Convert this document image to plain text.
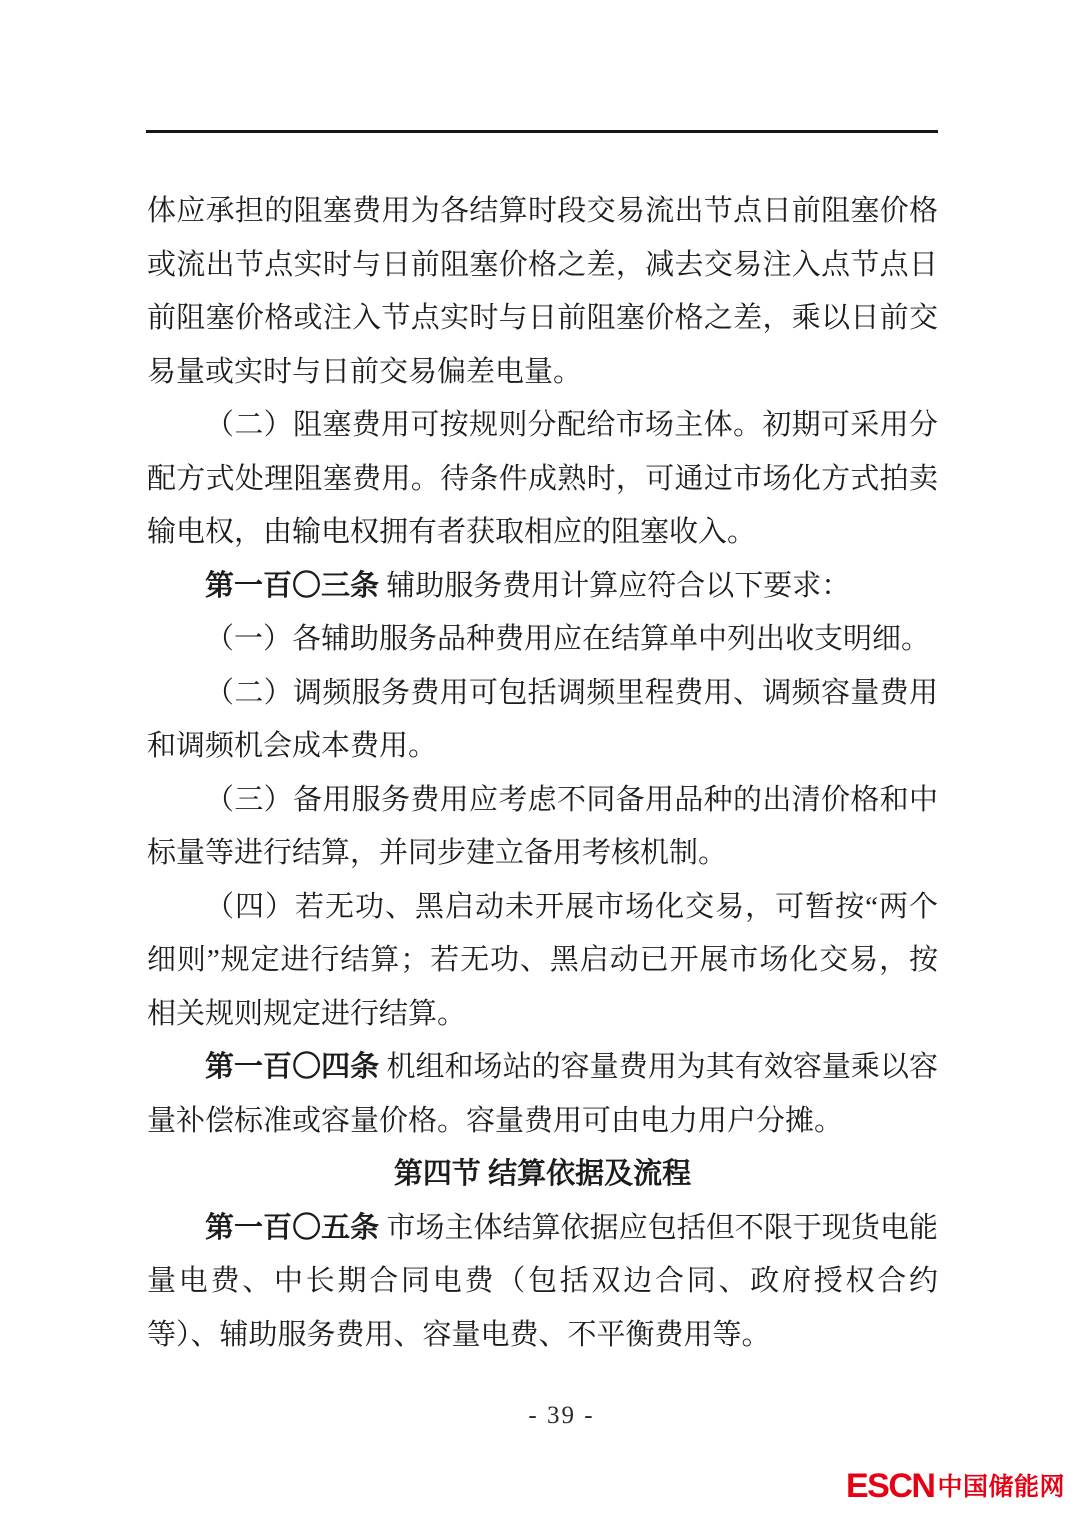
体应承担的阻塞费用为各结算时段交易流出节点日前阻塞价格或流出节点实时与日前阻塞价格之差，减去交易注入点节点日前阻塞价格或注入节点实时与日前阻塞价格之差，乘以日前交易量或实时与日前交易偏差电量。

（二）阻塞费用可按规则分配给市场主体。初期可采用分配方式处理阻塞费用。待条件成熟时，可通过市场化方式拍卖输电权，由输电权拥有者获取相应的阻塞收入。

第一百〇三条 辅助服务费用计算应符合以下要求：

（一）各辅助服务品种费用应在结算单中列出收支明细。

（二）调频服务费用可包括调频里程费用、调频容量费用和调频机会成本费用。

（三）备用服务费用应考虑不同备用品种的出清价格和中标量等进行结算，并同步建立备用考核机制。

（四）若无功、黑启动未开展市场化交易，可暂按“两个细则”规定进行结算；若无功、黑启动已开展市场化交易，按相关规则规定进行结算。

第一百〇四条 机组和场站的容量费用为其有效容量乘以容量补偿标准或容量价格。容量费用可由电力用户分摊。

第四节 结算依据及流程

第一百〇五条 市场主体结算依据应包括但不限于现货电能量电费、中长期合同电费（包括双边合同、政府授权合约等）、辅助服务费用、容量电费、不平衡费用等。

- 39 -
ESCN 中国储能网
